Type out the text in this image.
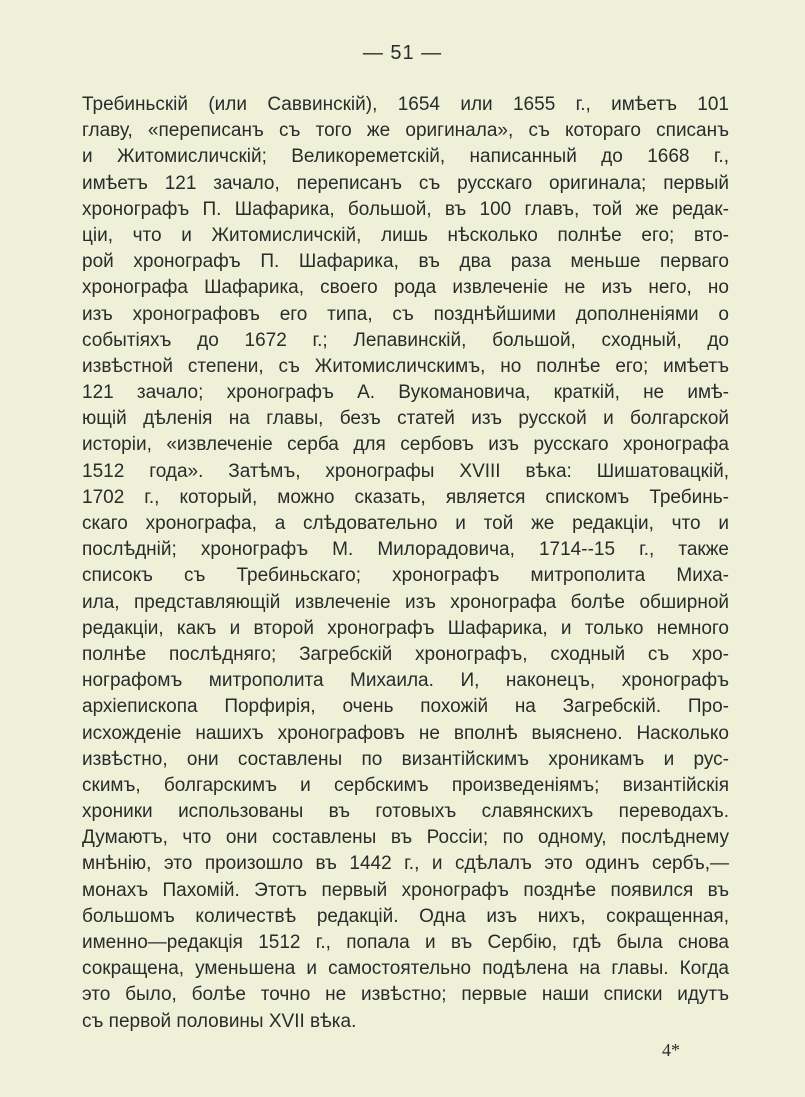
— 51 —
Требиньскій (или Саввинскій), 1654 или 1655 г., имѣетъ 101
главу, «переписанъ съ того же оригинала», съ котораго списанъ
и Житомисличскій; Великореметскій, написанный до 1668 г.,
имѣетъ 121 зачало, переписанъ съ русскаго оригинала; первый
хронографъ П. Шафарика, большой, въ 100 главъ, той же редак-
ціи, что и Житомисличскій, лишь нѣсколько полнѣе его; вто-
рой хронографъ П. Шафарика, въ два раза меньше перваго
хронографа Шафарика, своего рода извлеченіе не изъ него, но
изъ хронографовъ его типа, съ позднѣйшими дополненіями о
событіяхъ до 1672 г.; Лепавинскій, большой, сходный, до
извѣстной степени, съ Житомисличскимъ, но полнѣе его; имѣетъ
121 зачало; хронографъ А. Вукомановича, краткій, не имѣ-
ющій дѣленія на главы, безъ статей изъ русской и болгарской
исторіи, «извлеченіе серба для сербовъ изъ русскаго хронографа
1512 года». Затѣмъ, хронографы XVIII вѣка: Шишатовацкій,
1702 г., который, можно сказать, является спискомъ Требинь-
скаго хронографа, а слѣдовательно и той же редакціи, что и
послѣдній; хронографъ М. Милорадовича, 1714--15 г., также
списокъ съ Требиньскаго; хронографъ митрополита Миха-
ила, представляющій извлеченіе изъ хронографа болѣе обширной
редакціи, какъ и второй хронографъ Шафарика, и только немного
полнѣе послѣдняго; Загребскій хронографъ, сходный съ хро-
нографомъ митрополита Михаила. И, наконецъ, хронографъ
архіепископа Порфирія, очень похожій на Загребскій. Про-
исхожденіе нашихъ хронографовъ не вполнѣ выяснено. Насколько
извѣстно, они составлены по византійскимъ хроникамъ и рус-
скимъ, болгарскимъ и сербскимъ произведеніямъ; византійскія
хроники использованы въ готовыхъ славянскихъ переводахъ.
Думаютъ, что они составлены въ Россіи; по одному, послѣднему
мнѣнію, это произошло въ 1442 г., и сдѣлалъ это одинъ сербъ,—
монахъ Пахомій. Этотъ первый хронографъ позднѣе появился въ
большомъ количествѣ редакцій. Одна изъ нихъ, сокращенная,
именно—редакція 1512 г., попала и въ Сербію, гдѣ была снова
сокращена, уменьшена и самостоятельно подѣлена на главы. Когда
это было, болѣе точно не извѣстно; первые наши списки идутъ
съ первой половины XVII вѣка.
4*
